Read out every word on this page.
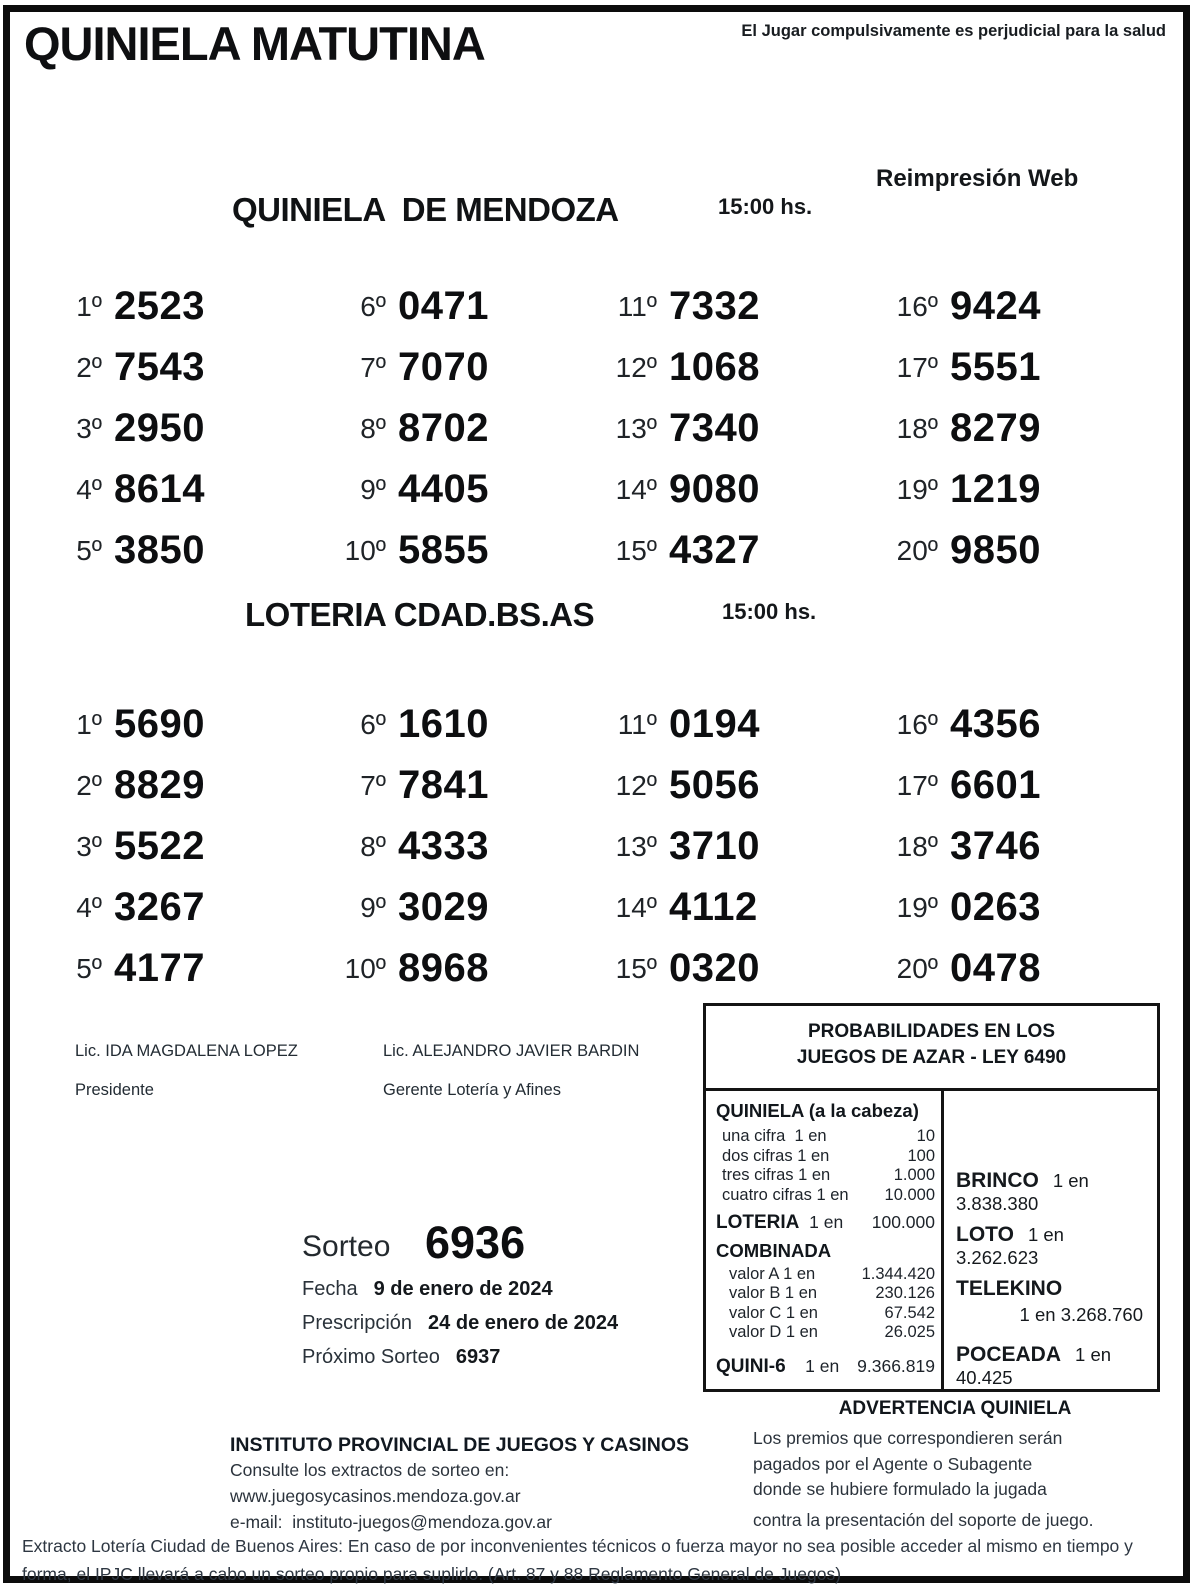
QUINIELA MATUTINA	El Jugar compulsivamente es perjudicial para la salud
Reimpresión Web
QUINIELA  DE MENDOZA	15:00 hs.
1º 2523
2º 7543
3º 2950
4º 8614
5º 3850
6º 0471
7º 7070
8º 8702
9º 4405
10º 5855
11º 7332
12º 1068
13º 7340
14º 9080
15º 4327
16º 9424
17º 5551
18º 8279
19º 1219
20º 9850
LOTERIA CDAD.BS.AS	15:00 hs.
1º 5690
2º 8829
3º 5522
4º 3267
5º 4177
6º 1610
7º 7841
8º 4333
9º 3029
10º 8968
11º 0194
12º 5056
13º 3710
14º 4112
15º 0320
16º 4356
17º 6601
18º 3746
19º 0263
20º 0478
Lic. IDA MAGDALENA LOPEZ
Presidente
Lic. ALEJANDRO JAVIER BARDIN
Gerente Lotería y Afines
PROBABILIDADES EN LOS
JUEGOS DE AZAR - LEY 6490
QUINIELA (a la cabeza)
una cifra  1 en	10
dos cifras 1 en	100
tres cifras 1 en	1.000
cuatro cifras 1 en 10.000
LOTERIA  1 en 100.000
COMBINADA
valor A 1 en	1.344.420
valor B 1 en	230.126
valor C 1 en	67.542
valor D 1 en	26.025
QUINI-6    1 en 9.366.819
BRINCO 1 en 3.838.380
LOTO 1 en 3.262.623
TELEKINO
1 en 3.268.760
POCEADA 1 en 40.425
Sorteo 6936
Fecha 9 de enero de 2024
Prescripción 24 de enero de 2024
Próximo Sorteo 6937
INSTITUTO PROVINCIAL DE JUEGOS Y CASINOS
Consulte los extractos de sorteo en:
www.juegosycasinos.mendoza.gov.ar
e-mail:  instituto-juegos@mendoza.gov.ar
ADVERTENCIA QUINIELA
Los premios que correspondieren serán
pagados por el Agente o Subagente
donde se hubiere formulado la jugada
contra la presentación del soporte de juego.
Extracto Lotería Ciudad de Buenos Aires: En caso de por inconvenientes técnicos o fuerza mayor no sea posible acceder al mismo en tiempo y forma, el IPJC llevará a cabo un sorteo propio para suplirlo. (Art. 87 y 88 Reglamento General de Juegos)
